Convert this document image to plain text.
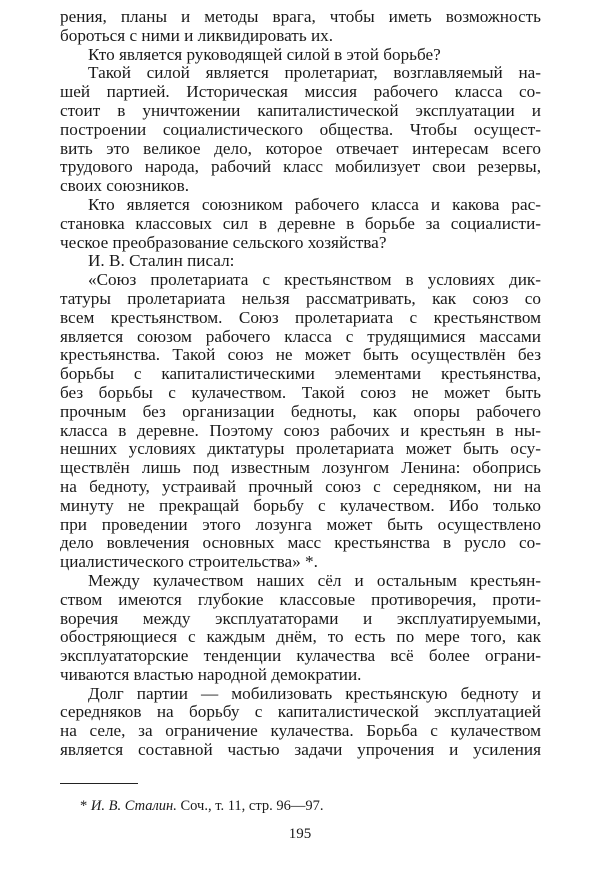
рения, планы и методы врага, чтобы иметь возможность
бороться с ними и ликвидировать их.
Кто является руководящей силой в этой борьбе?
Такой силой является пролетариат, возглавляемый на-
шей партией. Историческая миссия рабочего класса со-
стоит в уничтожении капиталистической эксплуатации и
построении социалистического общества. Чтобы осущест-
вить это великое дело, которое отвечает интересам всего
трудового народа, рабочий класс мобилизует свои резервы,
своих союзников.
Кто является союзником рабочего класса и какова рас-
становка классовых сил в деревне в борьбе за социалисти-
ческое преобразование сельского хозяйства?
И. В. Сталин писал:
«Союз пролетариата с крестьянством в условиях дик-
татуры пролетариата нельзя рассматривать, как союз со
всем крестьянством. Союз пролетариата с крестьянством
является союзом рабочего класса с трудящимися массами
крестьянства. Такой союз не может быть осуществлён без
борьбы с капиталистическими элементами крестьянства,
без борьбы с кулачеством. Такой союз не может быть
прочным без организации бедноты, как опоры рабочего
класса в деревне. Поэтому союз рабочих и крестьян в ны-
нешних условиях диктатуры пролетариата может быть осу-
ществлён лишь под известным лозунгом Ленина: обопрись
на бедноту, устраивай прочный союз с середняком, ни на
минуту не прекращай борьбу с кулачеством. Ибо только
при проведении этого лозунга может быть осуществлено
дело вовлечения основных масс крестьянства в русло со-
циалистического строительства» *.
Между кулачеством наших сёл и остальным крестьян-
ством имеются глубокие классовые противоречия, проти-
воречия между эксплуататорами и эксплуатируемыми,
обостряющиеся с каждым днём, то есть по мере того, как
эксплуататорские тенденции кулачества всё более ограни-
чиваются властью народной демократии.
Долг партии — мобилизовать крестьянскую бедноту и
середняков на борьбу с капиталистической эксплуатацией
на селе, за ограничение кулачества. Борьба с кулачеством
является составной частью задачи упрочения и усиления
* И. В. Сталин. Соч., т. 11, стр. 96—97.
195
